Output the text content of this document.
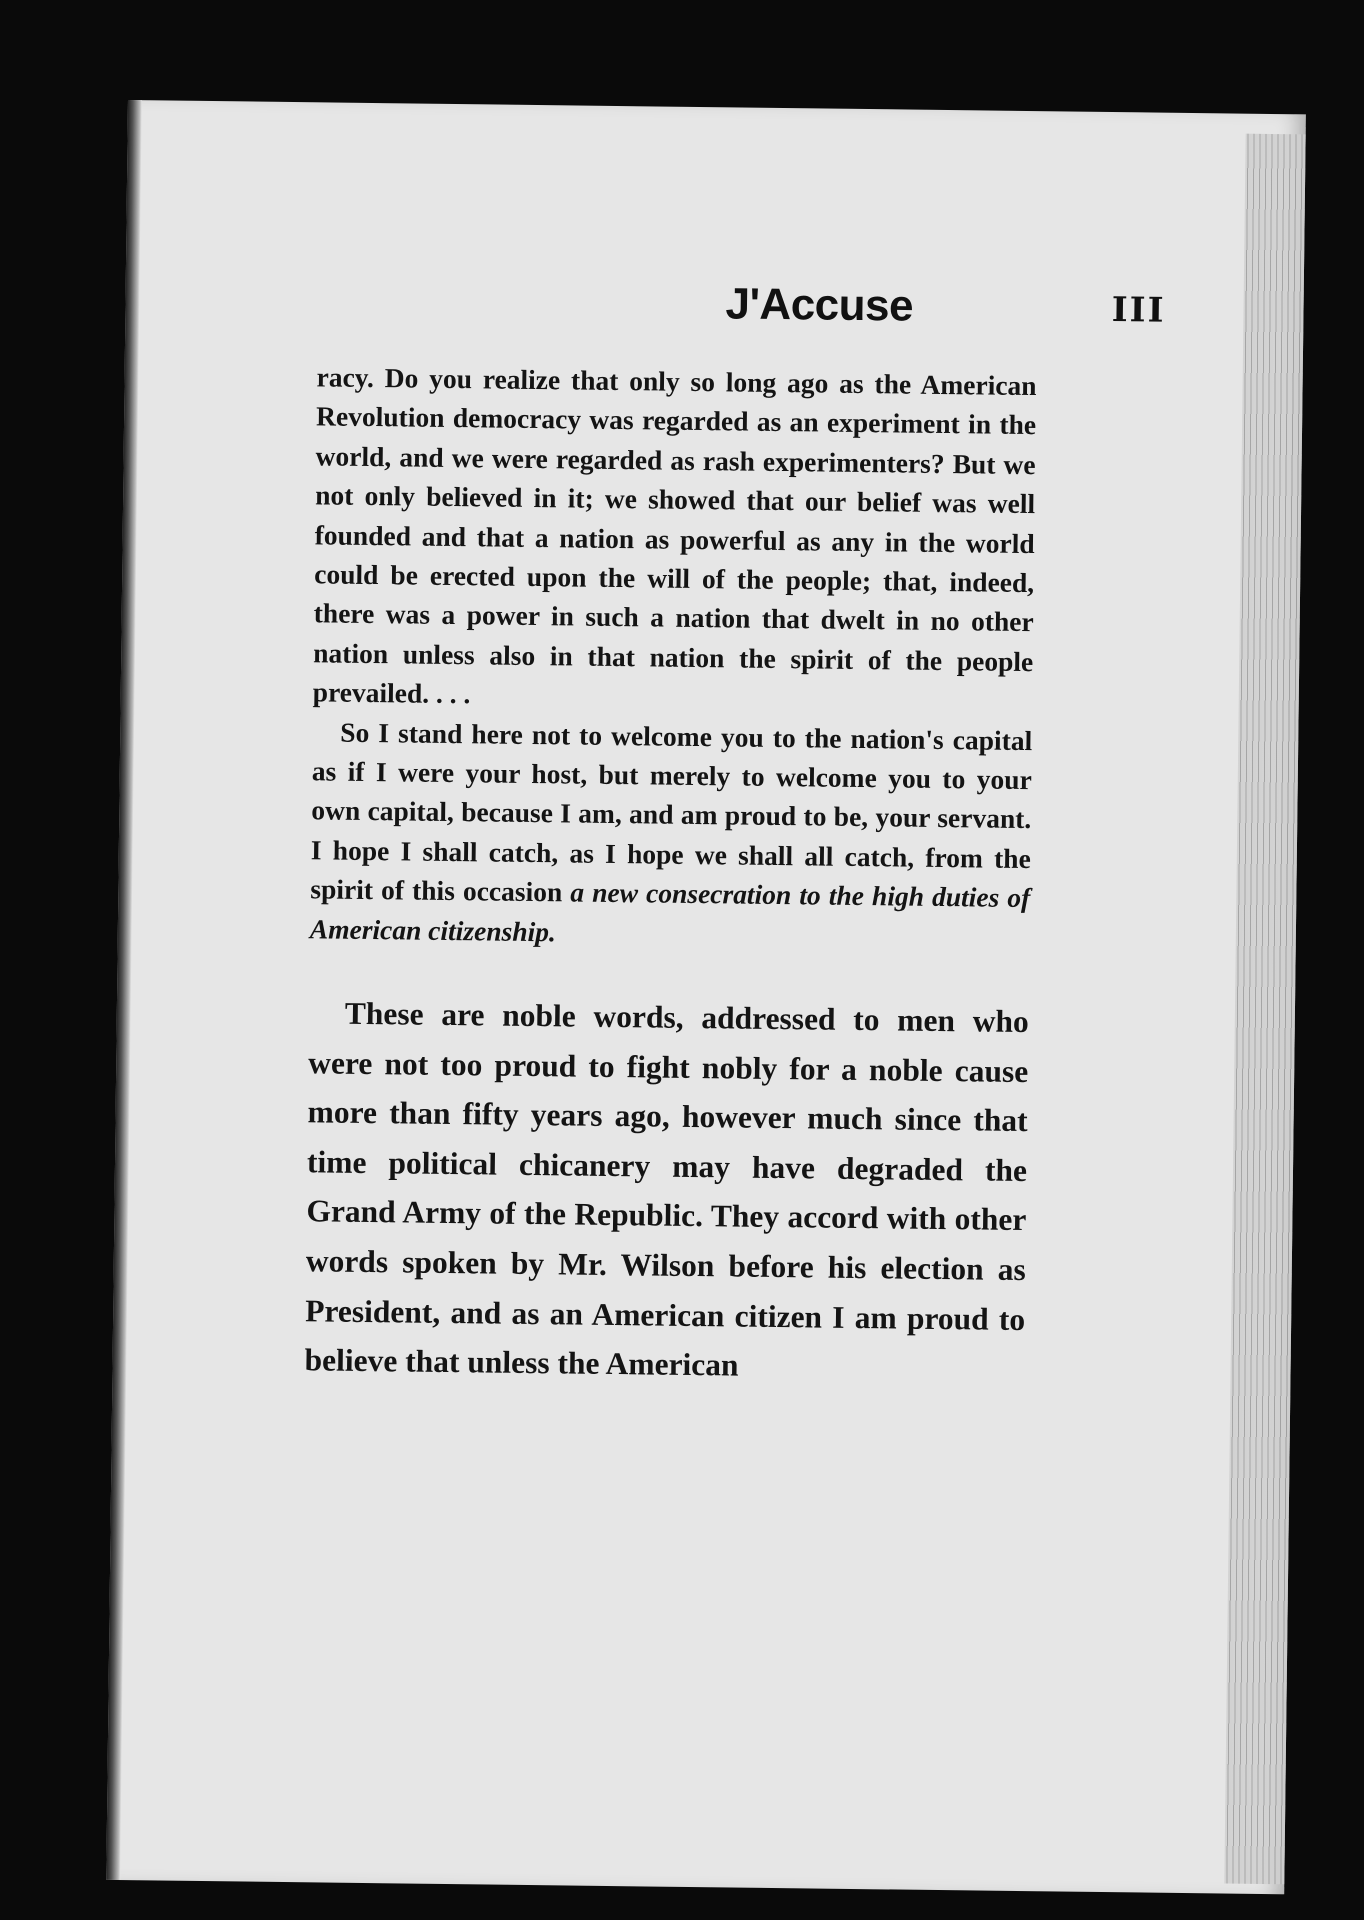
J'Accuse	III

racy. Do you realize that only so long ago as the American Revolution democracy was regarded as an experiment in the world, and we were regarded as rash experimenters? But we not only believed in it; we showed that our belief was well founded and that a nation as powerful as any in the world could be erected upon the will of the people; that, indeed, there was a power in such a nation that dwelt in no other nation unless also in that nation the spirit of the people prevailed. . . .

So I stand here not to welcome you to the nation's capital as if I were your host, but merely to welcome you to your own capital, because I am, and am proud to be, your servant. I hope I shall catch, as I hope we shall all catch, from the spirit of this occasion a new consecration to the high duties of American citizenship.

These are noble words, addressed to men who were not too proud to fight nobly for a noble cause more than fifty years ago, however much since that time political chicanery may have degraded the Grand Army of the Republic. They accord with other words spoken by Mr. Wilson before his election as President, and as an American citizen I am proud to believe that unless the American
